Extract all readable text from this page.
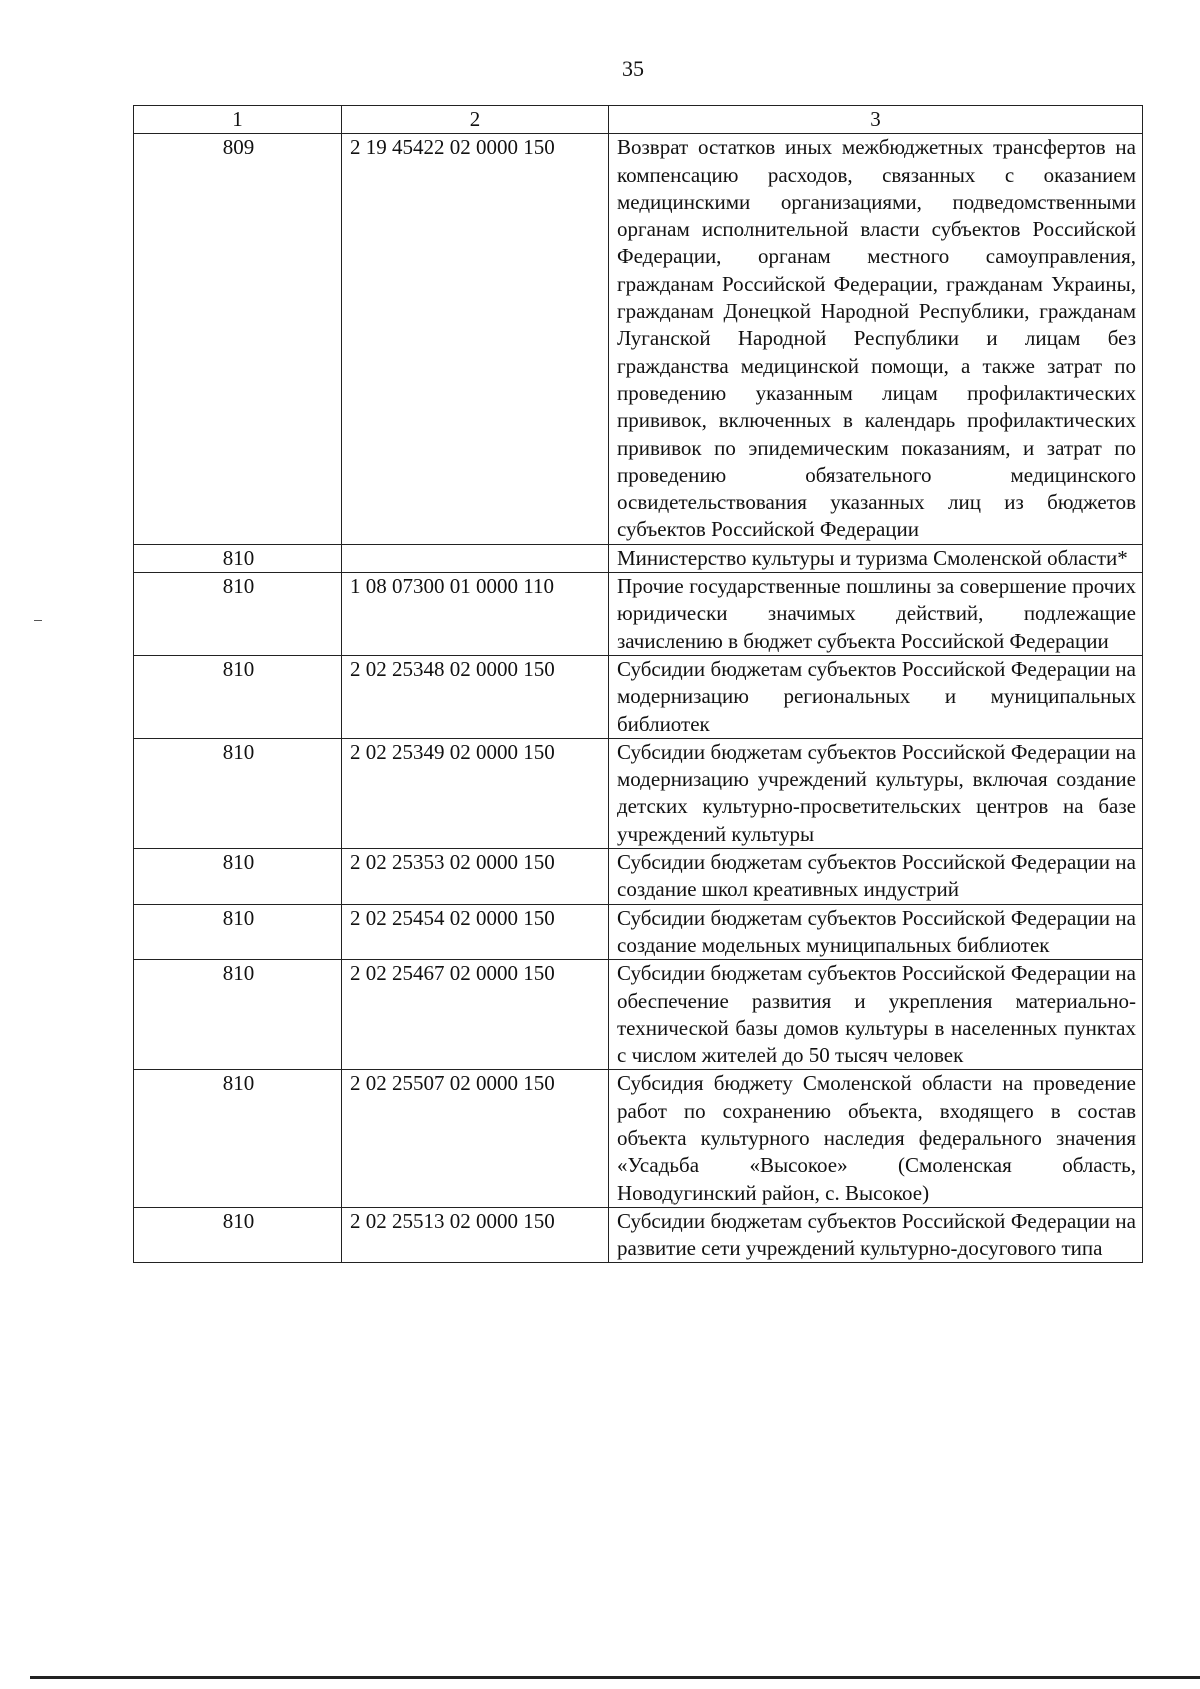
35
1	2	3
809	2 19 45422 02 0000 150	Возврат остатков иных межбюджетных трансфертов на компенсацию расходов, связанных с оказанием медицинскими организациями, подведомственными органам исполнительной власти субъектов Российской Федерации, органам местного самоуправления, гражданам Российской Федерации, гражданам Украины, гражданам Донецкой Народной Республики, гражданам Луганской Народной Республики и лицам без гражданства медицинской помощи, а также затрат по проведению указанным лицам профилактических прививок, включенных в календарь профилактических прививок по эпидемическим показаниям, и затрат по проведению обязательного медицинского освидетельствования указанных лиц из бюджетов субъектов Российской Федерации
810		Министерство культуры и туризма Смоленской области*
810	1 08 07300 01 0000 110	Прочие государственные пошлины за совершение прочих юридически значимых действий, подлежащие зачислению в бюджет субъекта Российской Федерации
810	2 02 25348 02 0000 150	Субсидии бюджетам субъектов Российской Федерации на модернизацию региональных и муниципальных библиотек
810	2 02 25349 02 0000 150	Субсидии бюджетам субъектов Российской Федерации на модернизацию учреждений культуры, включая создание детских культурно-просветительских центров на базе учреждений культуры
810	2 02 25353 02 0000 150	Субсидии бюджетам субъектов Российской Федерации на создание школ креативных индустрий
810	2 02 25454 02 0000 150	Субсидии бюджетам субъектов Российской Федерации на создание модельных муниципальных библиотек
810	2 02 25467 02 0000 150	Субсидии бюджетам субъектов Российской Федерации на обеспечение развития и укрепления материально-технической базы домов культуры в населенных пунктах с числом жителей до 50 тысяч человек
810	2 02 25507 02 0000 150	Субсидия бюджету Смоленской области на проведение работ по сохранению объекта, входящего в состав объекта культурного наследия федерального значения «Усадьба «Высокое» (Смоленская область, Новодугинский район, с. Высокое)
810	2 02 25513 02 0000 150	Субсидии бюджетам субъектов Российской Федерации на развитие сети учреждений культурно-досугового типа
